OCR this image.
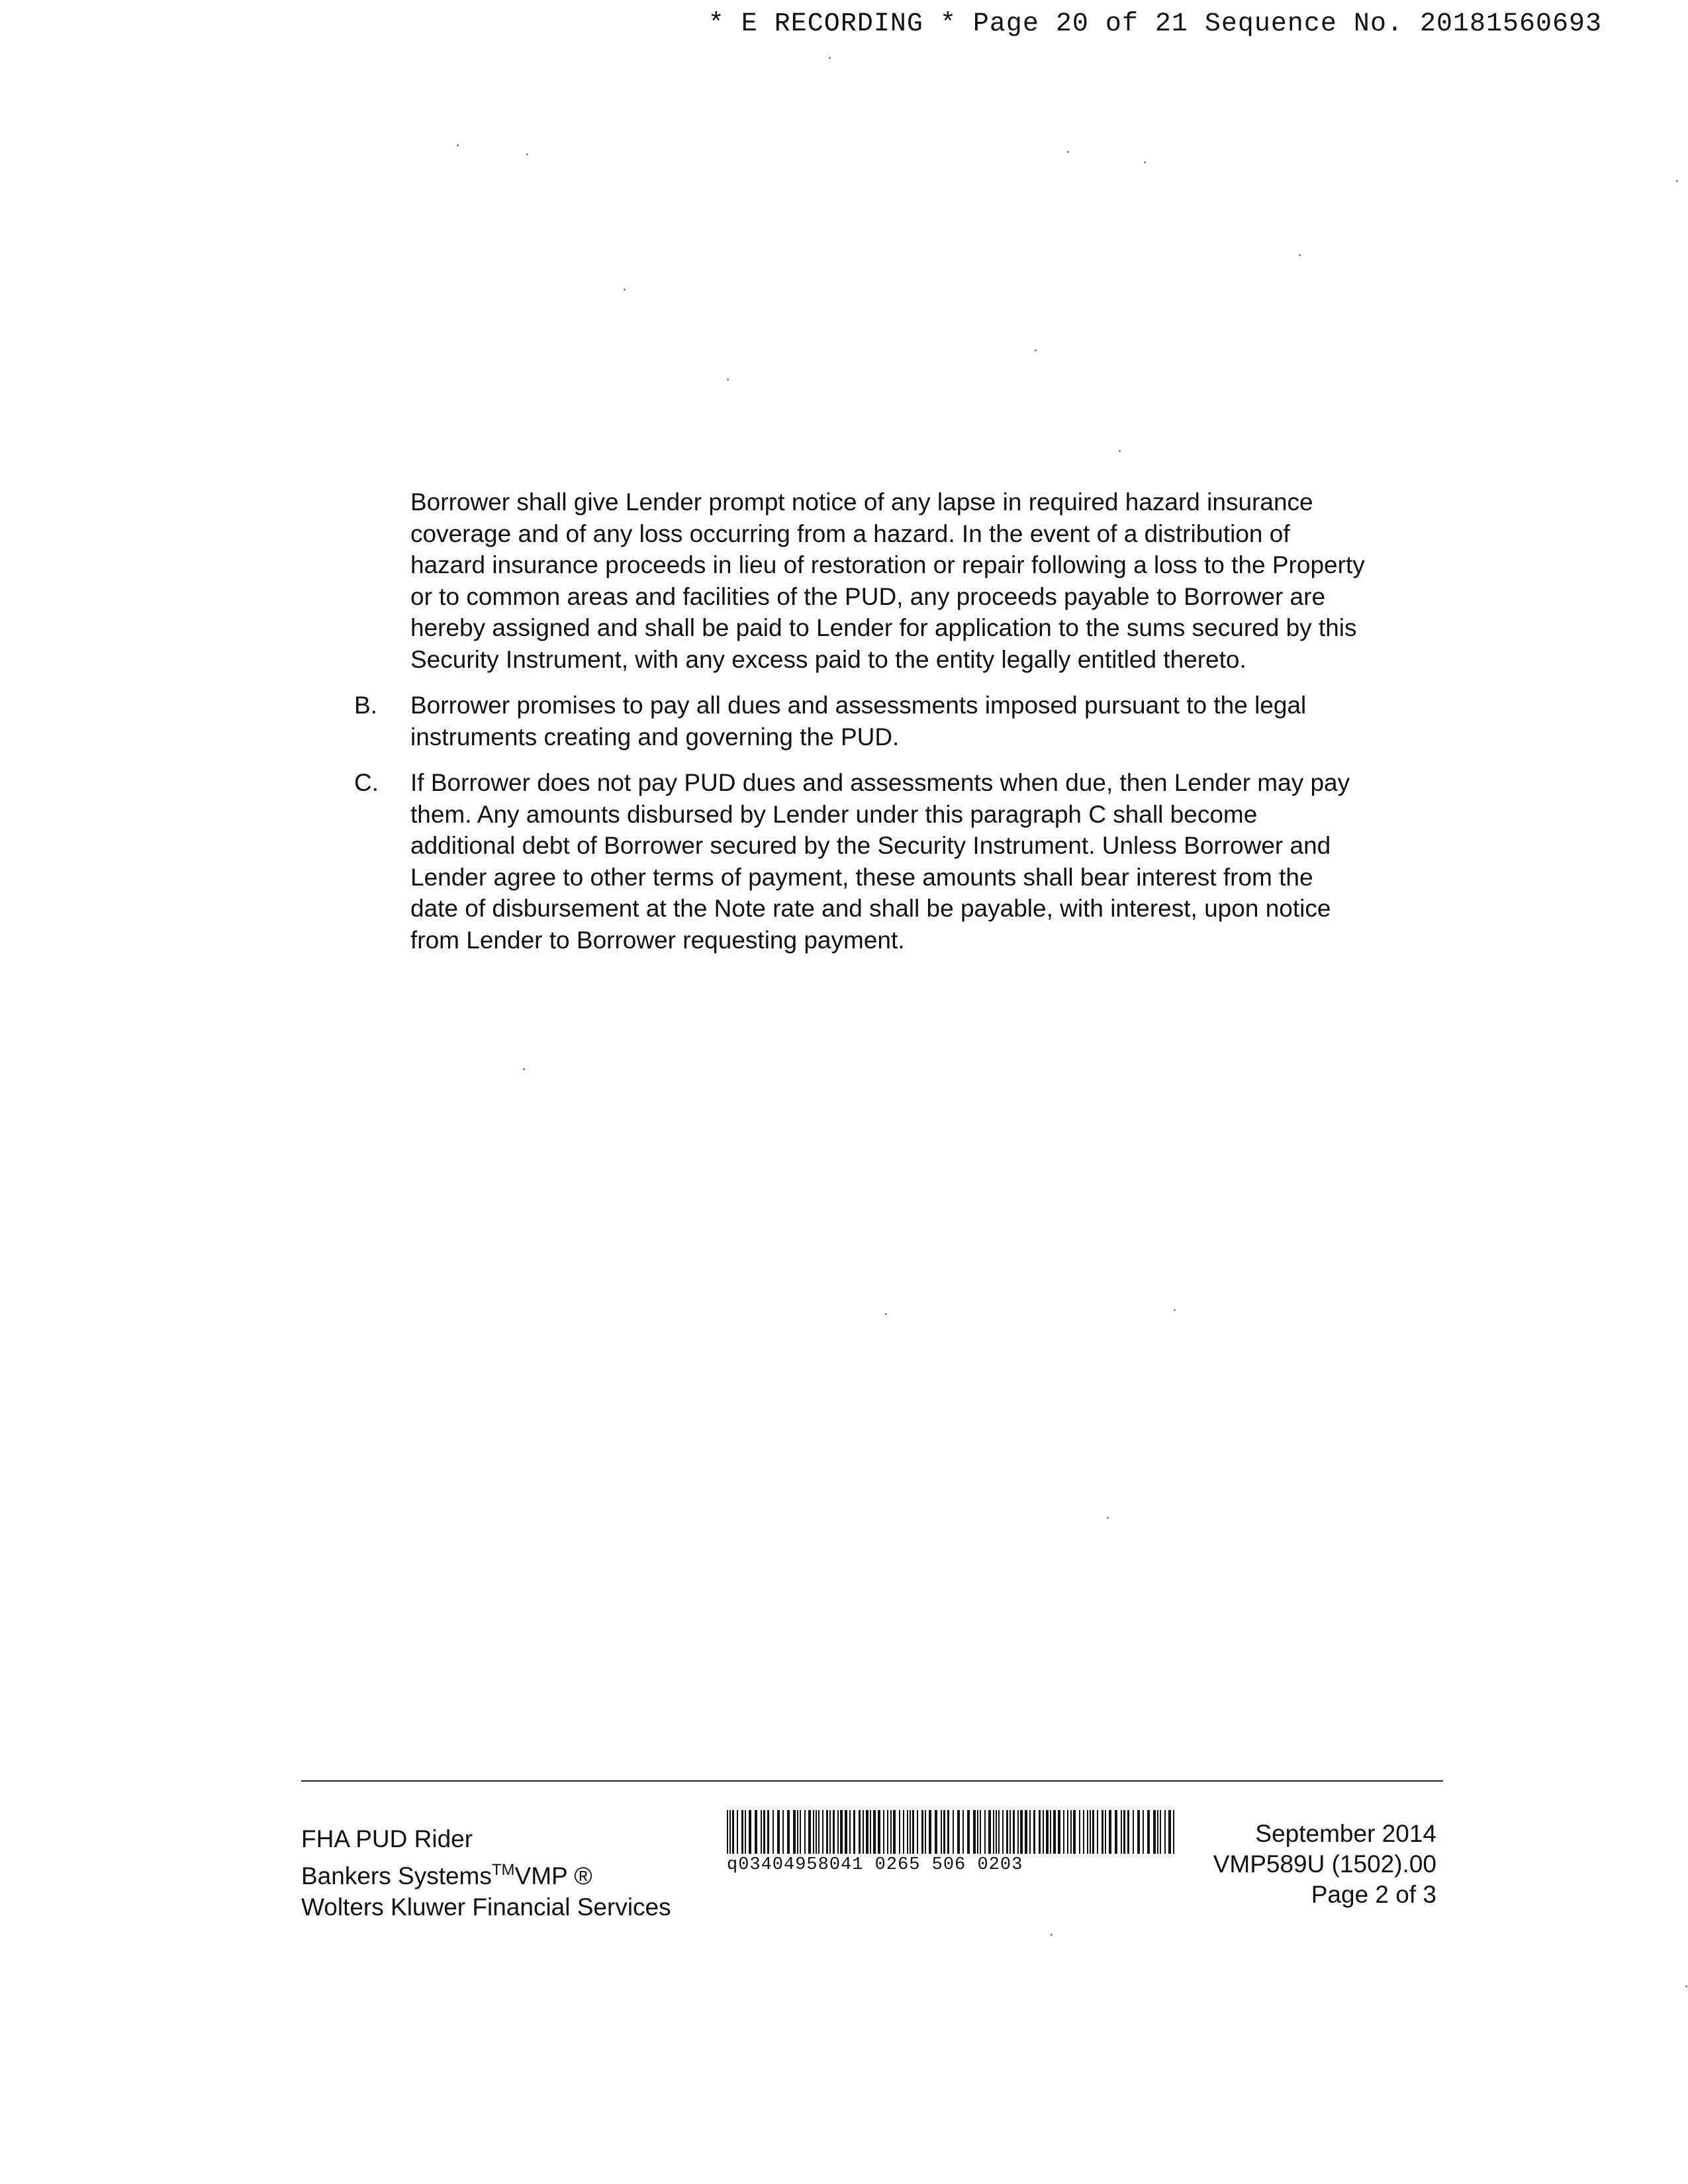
* E RECORDING * Page 20 of 21 Sequence No. 20181560693

Borrower shall give Lender prompt notice of any lapse in required hazard insurance coverage and of any loss occurring from a hazard. In the event of a distribution of hazard insurance proceeds in lieu of restoration or repair following a loss to the Property or to common areas and facilities of the PUD, any proceeds payable to Borrower are hereby assigned and shall be paid to Lender for application to the sums secured by this Security Instrument, with any excess paid to the entity legally entitled thereto.

B. Borrower promises to pay all dues and assessments imposed pursuant to the legal instruments creating and governing the PUD.

C. If Borrower does not pay PUD dues and assessments when due, then Lender may pay them. Any amounts disbursed by Lender under this paragraph C shall become additional debt of Borrower secured by the Security Instrument. Unless Borrower and Lender agree to other terms of payment, these amounts shall bear interest from the date of disbursement at the Note rate and shall be payable, with interest, upon notice from Lender to Borrower requesting payment.

FHA PUD Rider
Bankers Systems™VMP ®
Wolters Kluwer Financial Services
q03404958041 0265 506 0203
September 2014
VMP589U (1502).00
Page 2 of 3
